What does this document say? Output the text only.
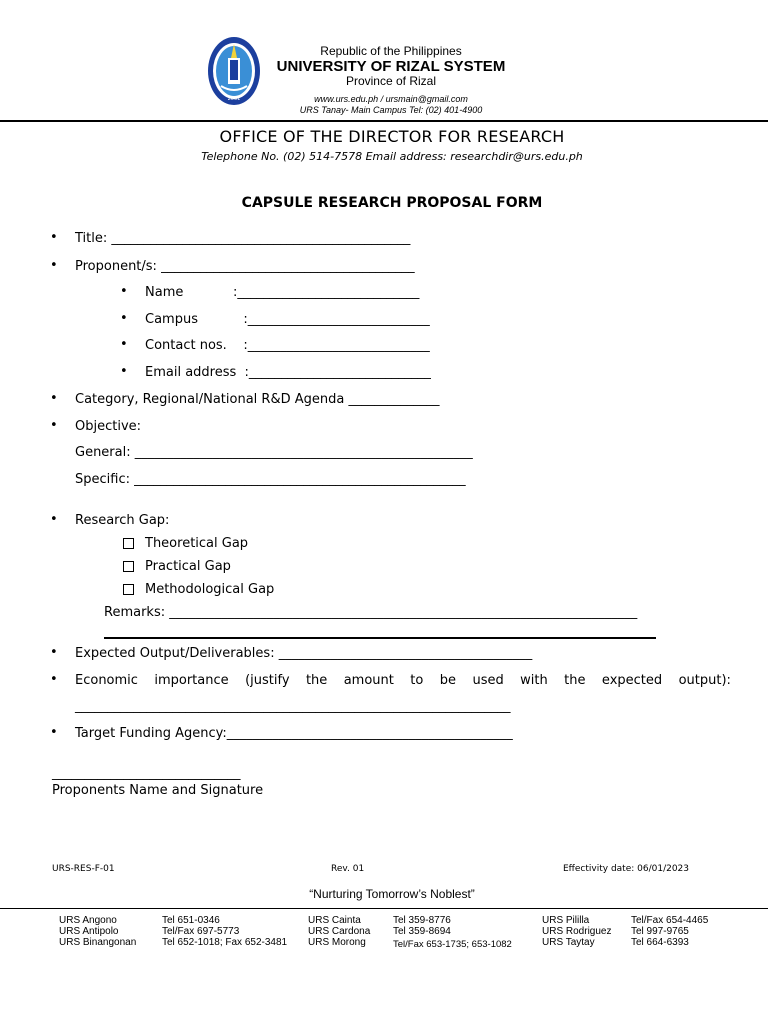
2001
Republic of the Philippines
UNIVERSITY OF RIZAL SYSTEM
Province of Rizal
www.urs.edu.ph / ursmain@gmail.com
URS Tanay- Main Campus Tel: (02) 401-4900
OFFICE OF THE DIRECTOR FOR RESEARCH
Telephone No. (02) 514-7578 Email address: researchdir@urs.edu.ph
CAPSULE RESEARCH PROPOSAL FORM
• Title: ______________________________________________
• Proponent/s: _______________________________________
• Name            :____________________________
• Campus           :____________________________
• Contact nos.    :____________________________
• Email address  :____________________________
• Category, Regional/National R&D Agenda ______________
• Objective:
General: ____________________________________________________
Specific: ___________________________________________________
• Research Gap:
Theoretical Gap
Practical Gap
Methodological Gap
Remarks: ________________________________________________________________________
• Expected Output/Deliverables: _______________________________________
• Economic importance (justify the amount to be used with the expected output):
___________________________________________________________________
• Target Funding Agency:____________________________________________
_____________________________
Proponents Name and Signature
URS-RES-F-01	Rev. 01	Effectivity date: 06/01/2023
“Nurturing Tomorrow’s Noblest”
URS Angono	Tel 651-0346
URS Antipolo	Tel/Fax 697-5773
URS Binangonan	Tel 652-1018; Fax 652-3481
URS Cainta	Tel 359-8776
URS Cardona Tel 359-8694
URS Morong	Tel/Fax 653-1735; 653-1082
URS Pililla	Tel/Fax 654-4465
URS Rodriguez Tel 997-9765
URS Taytay	Tel 664-6393
